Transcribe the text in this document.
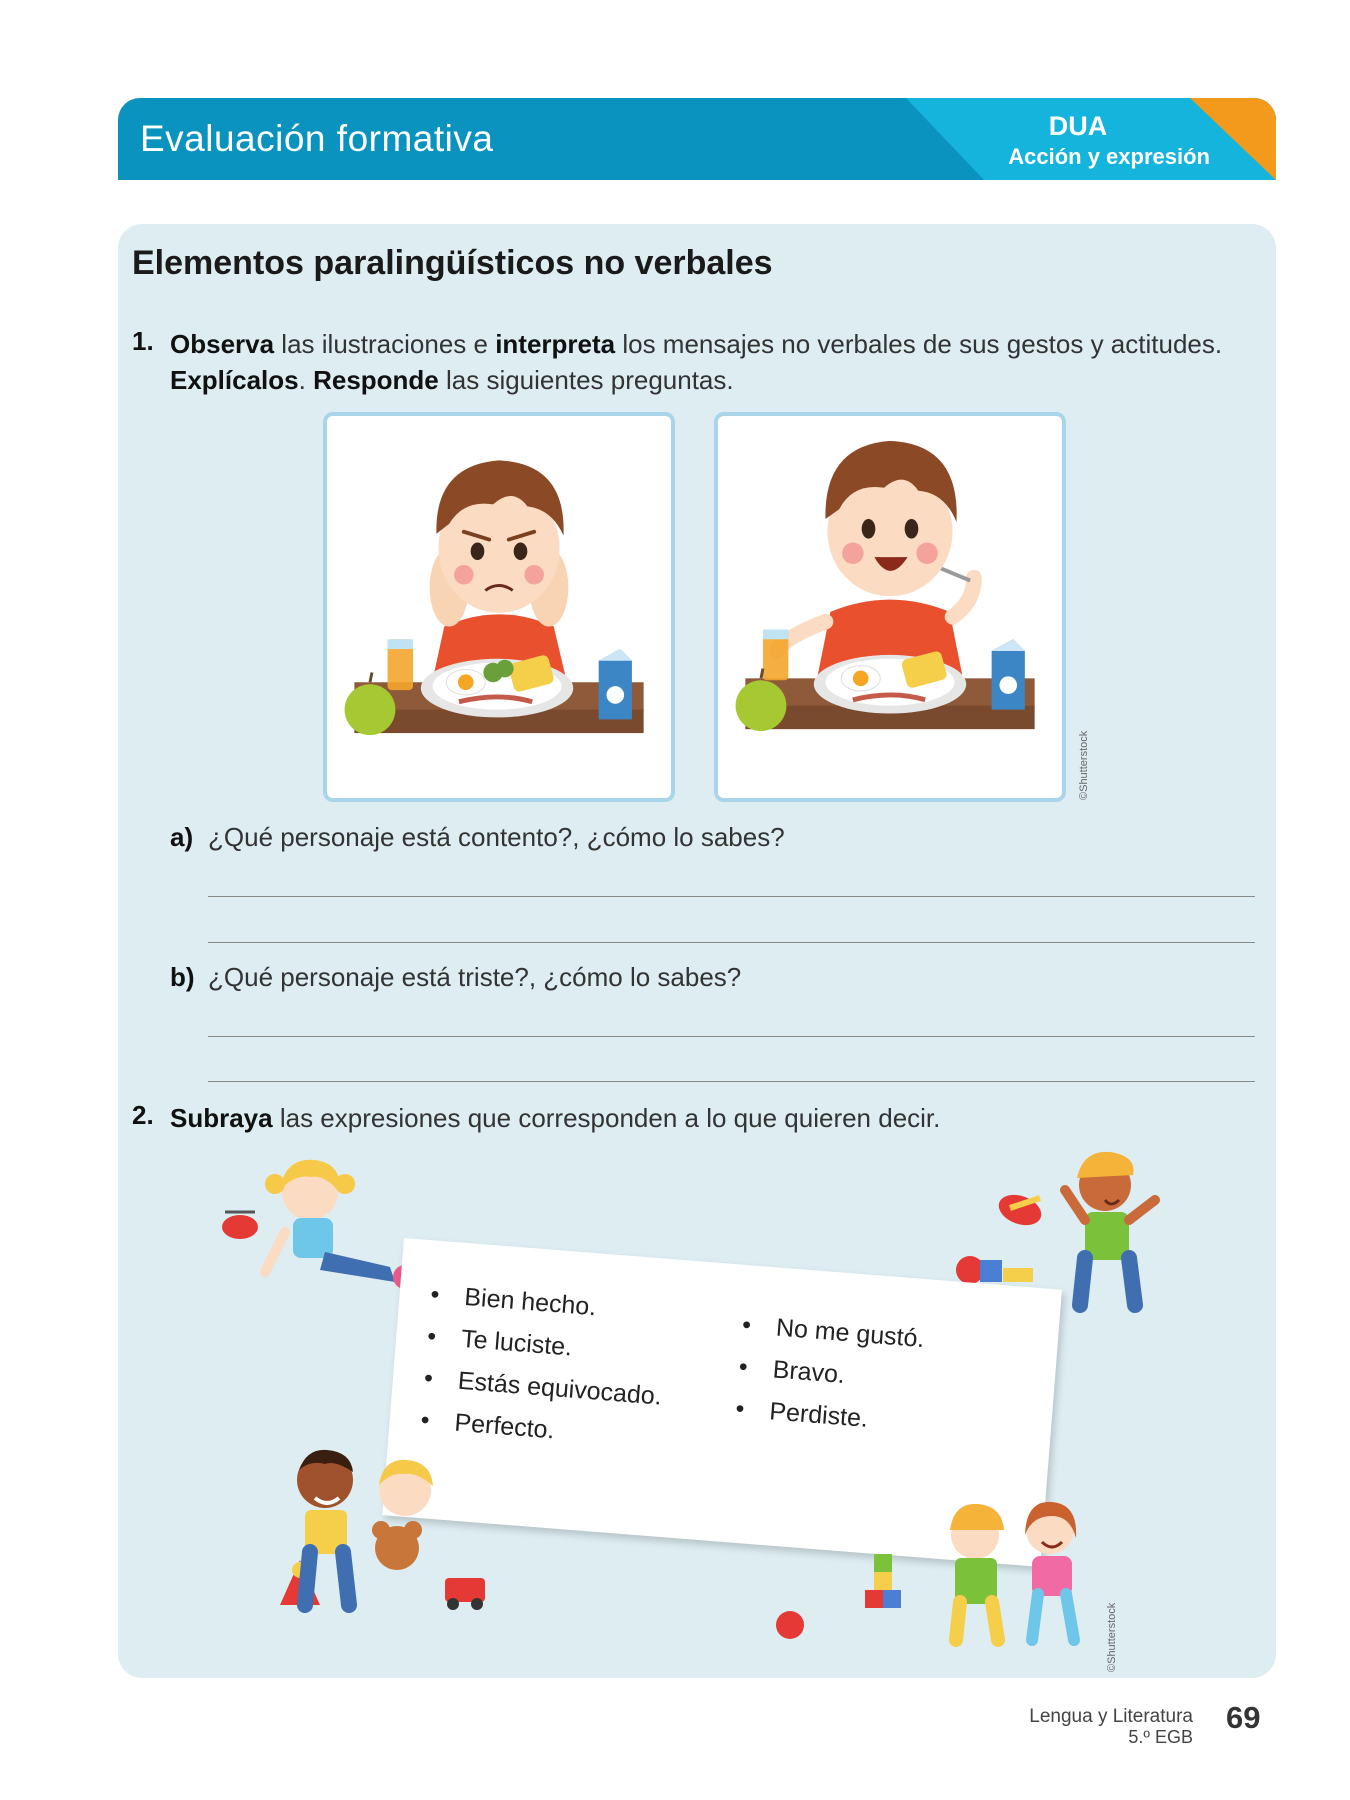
Evaluación formativa	DUA
Acción y expresión
Elementos paralingüísticos no verbales
1. Observa las ilustraciones e interpreta los mensajes no verbales de sus gestos y actitudes.
Explícalos. Responde las siguientes preguntas.
©Shutterstock
a) ¿Qué personaje está contento?, ¿cómo lo sabes?
b) ¿Qué personaje está triste?, ¿cómo lo sabes?
2. Subraya las expresiones que corresponden a lo que quieren decir.
• Bien hecho.
• Te luciste.
• Estás equivocado.
• Perfecto.
• No me gustó.
• Bravo.
• Perdiste.
©Shutterstock
Lengua y Literatura
5.º EGB
69
